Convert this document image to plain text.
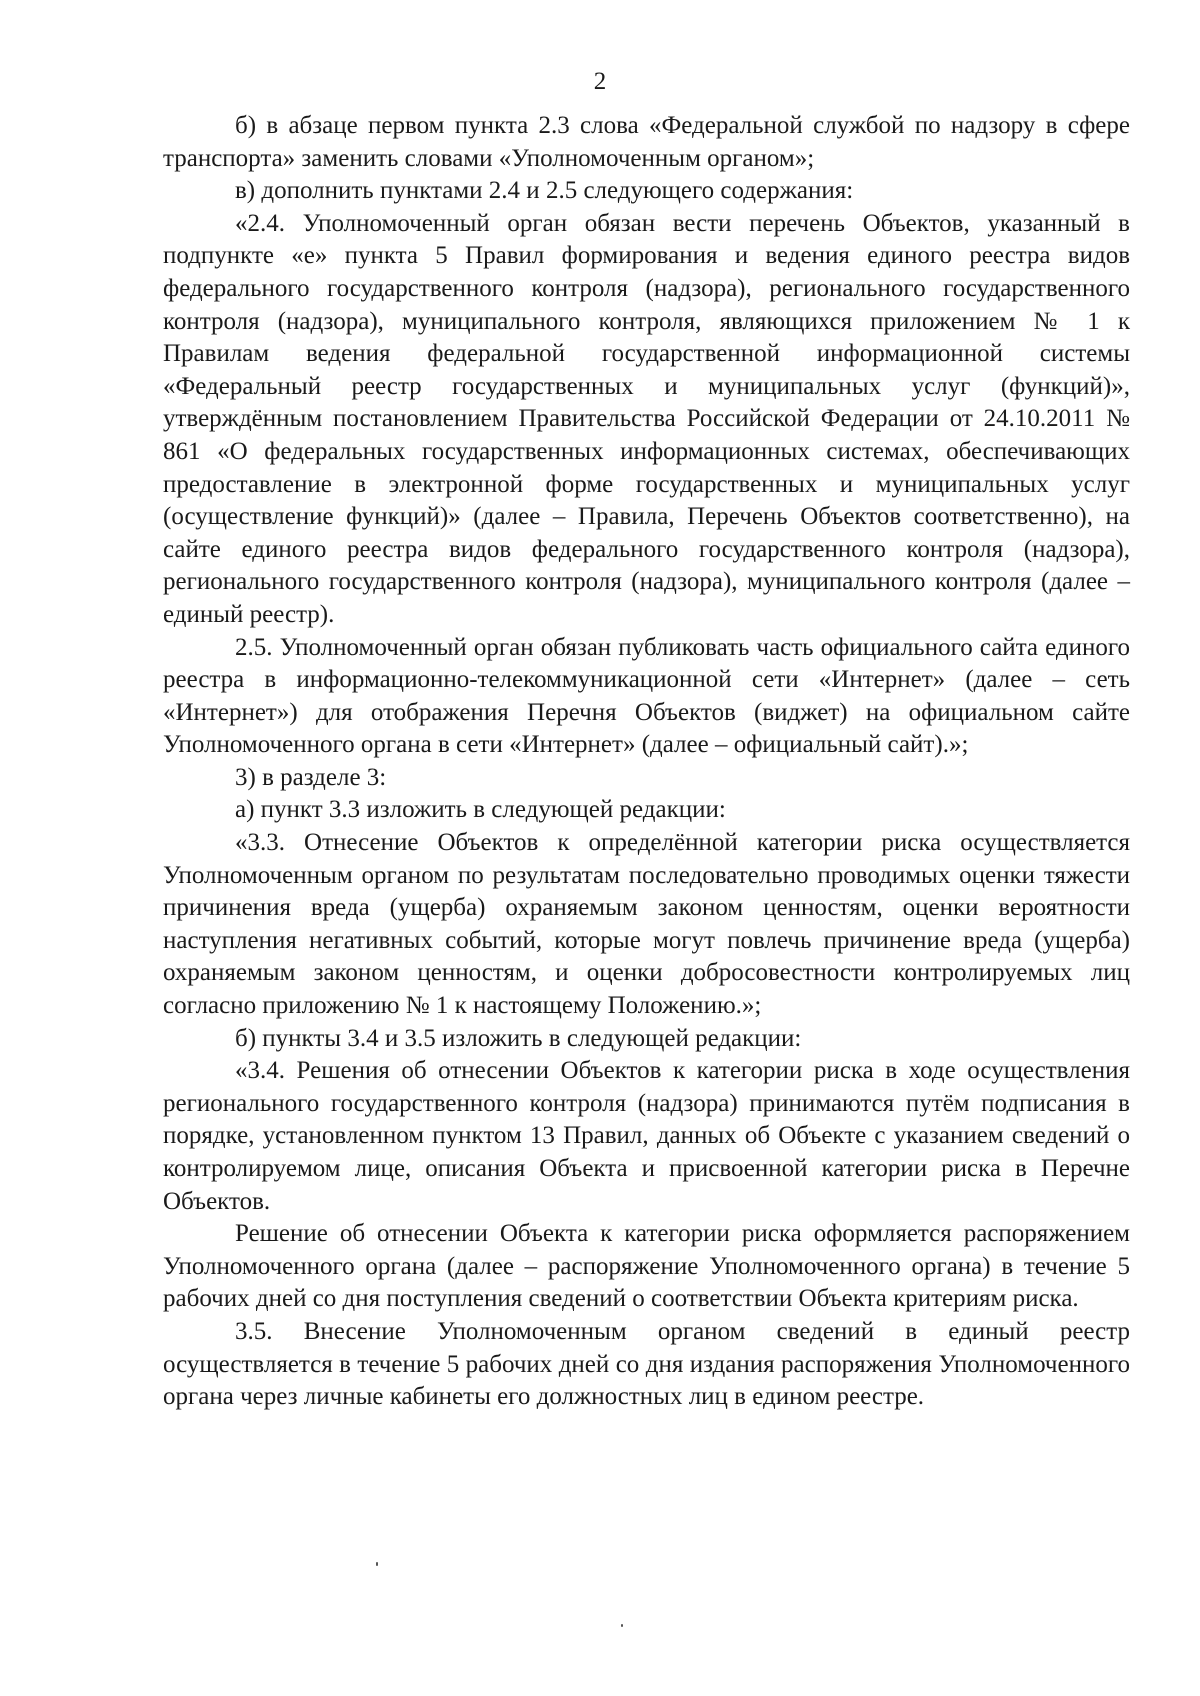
2

б) в абзаце первом пункта 2.3 слова «Федеральной службой по надзору в сфере транспорта» заменить словами «Уполномоченным органом»;

в) дополнить пунктами 2.4 и 2.5 следующего содержания:

«2.4. Уполномоченный орган обязан вести перечень Объектов, указанный в подпункте «е» пункта 5 Правил формирования и ведения единого реестра видов федерального государственного контроля (надзора), регионального государственного контроля (надзора), муниципального контроля, являющихся приложением № 1 к Правилам ведения федеральной государственной информационной системы «Федеральный реестр государственных и муниципальных услуг (функций)», утверждённым постановлением Правительства Российской Федерации от 24.10.2011 № 861 «О федеральных государственных информационных системах, обеспечивающих предоставление в электронной форме государственных и муниципальных услуг (осуществление функций)» (далее – Правила, Перечень Объектов соответственно), на сайте единого реестра видов федерального государственного контроля (надзора), регионального государственного контроля (надзора), муниципального контроля (далее – единый реестр).

2.5. Уполномоченный орган обязан публиковать часть официального сайта единого реестра в информационно-телекоммуникационной сети «Интернет» (далее – сеть «Интернет») для отображения Перечня Объектов (виджет) на официальном сайте Уполномоченного органа в сети «Интернет» (далее – официальный сайт).»;

3) в разделе 3:

а) пункт 3.3 изложить в следующей редакции:

«3.3. Отнесение Объектов к определённой категории риска осуществляется Уполномоченным органом по результатам последовательно проводимых оценки тяжести причинения вреда (ущерба) охраняемым законом ценностям, оценки вероятности наступления негативных событий, которые могут повлечь причинение вреда (ущерба) охраняемым законом ценностям, и оценки добросовестности контролируемых лиц согласно приложению № 1 к настоящему Положению.»;

б) пункты 3.4 и 3.5 изложить в следующей редакции:

«3.4. Решения об отнесении Объектов к категории риска в ходе осуществления регионального государственного контроля (надзора) принимаются путём подписания в порядке, установленном пунктом 13 Правил, данных об Объекте с указанием сведений о контролируемом лице, описания Объекта и присвоенной категории риска в Перечне Объектов.

Решение об отнесении Объекта к категории риска оформляется распоряжением Уполномоченного органа (далее – распоряжение Уполномоченного органа) в течение 5 рабочих дней со дня поступления сведений о соответствии Объекта критериям риска.

3.5. Внесение Уполномоченным органом сведений в единый реестр осуществляется в течение 5 рабочих дней со дня издания распоряжения Уполномоченного органа через личные кабинеты его должностных лиц в едином реестре.
